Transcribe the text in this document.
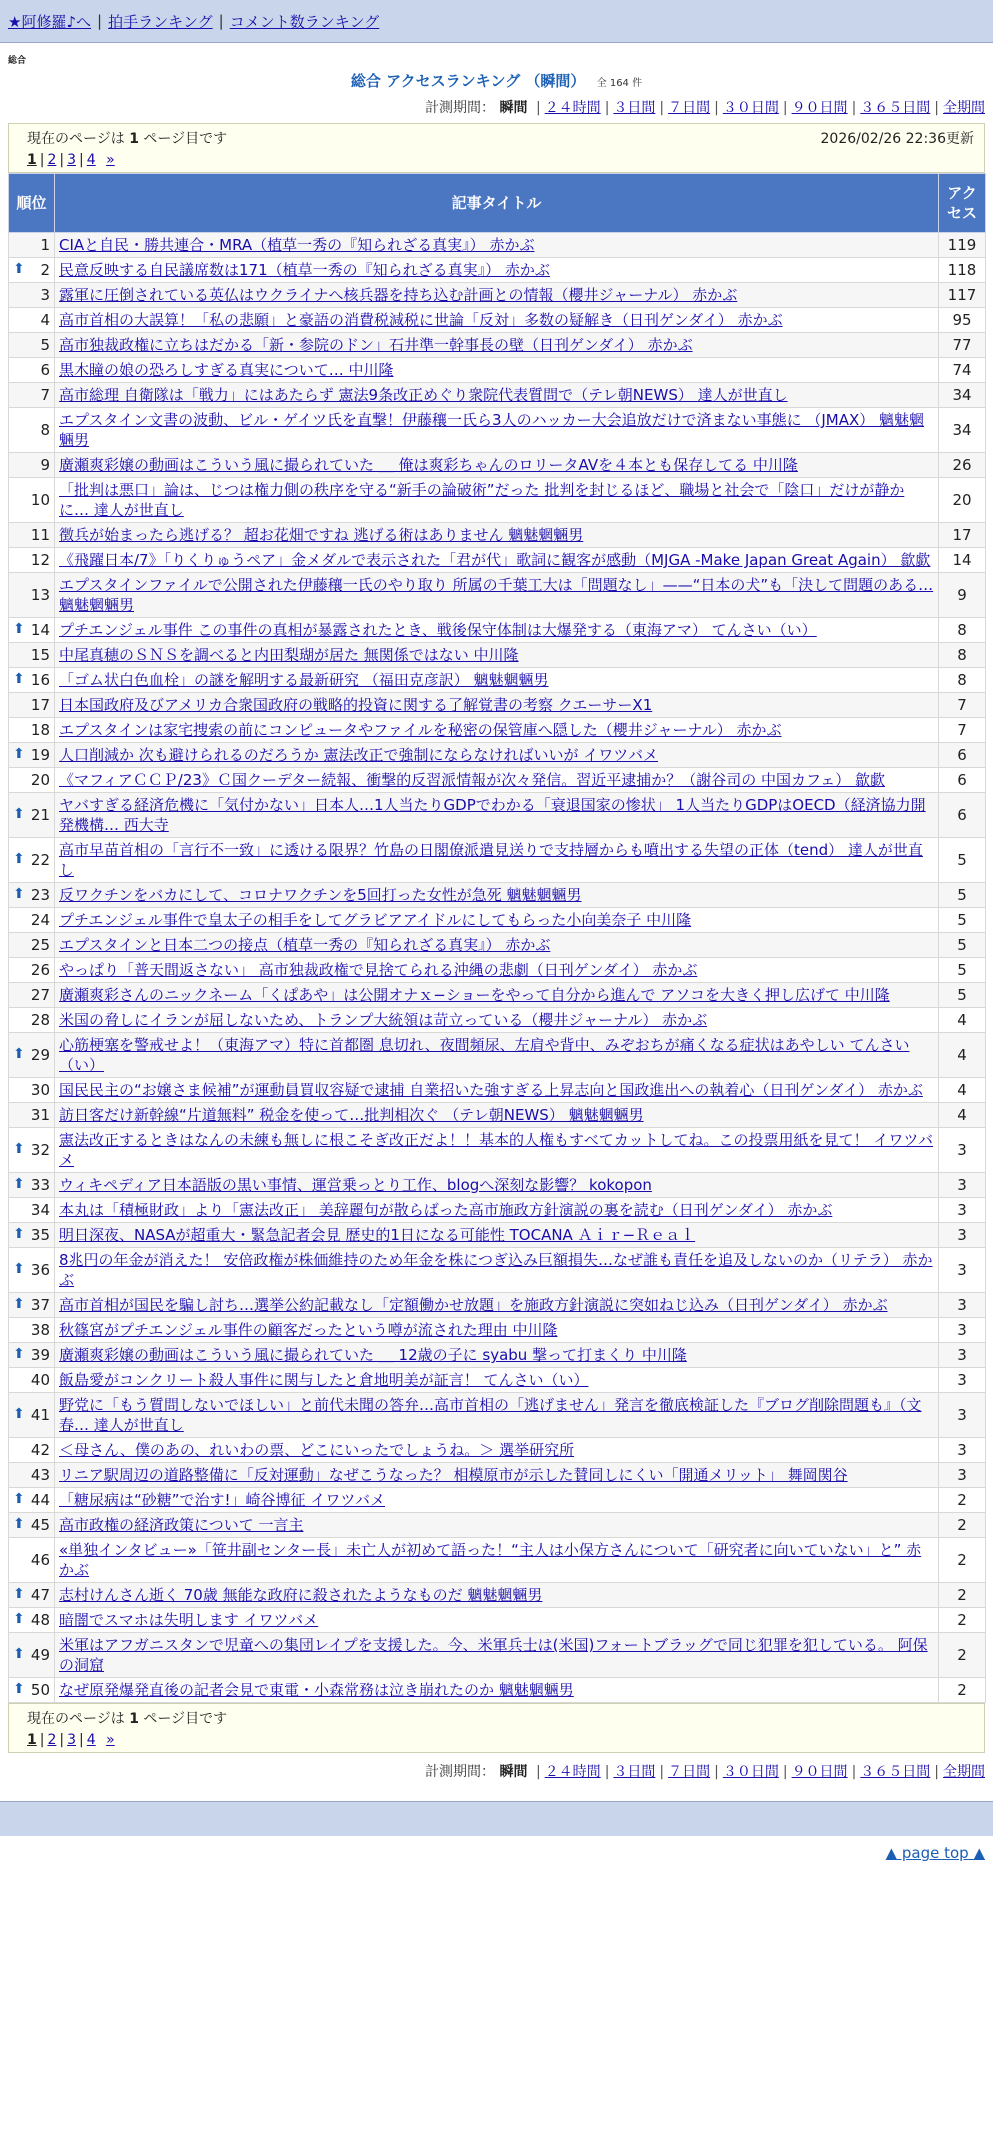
★阿修羅♪へ | 拍手ランキング | コメント数ランキング
総合
総合 アクセスランキング （瞬間） 全 164 件
計測期間： 瞬間 | ２４時間 | ３日間 | ７日間 | ３０日間 | ９０日間 | ３６５日間 | 全期間
現在のページは 1 ページ目です	2026/02/26 22:36更新
1 | 2 | 3 | 4 »
順位	記事タイトル	アクセス
1	CIAと自民・勝共連合・MRA（植草一秀の『知られざる真実』） 赤かぶ	119

⬆ 2	民意反映する自民議席数は171（植草一秀の『知られざる真実』） 赤かぶ	118
3	露軍に圧倒されている英仏はウクライナへ核兵器を持ち込む計画との情報（櫻井ジャーナル） 赤かぶ	117
4	高市首相の大誤算！「私の悲願」と豪語の消費税減税に世論「反対」多数の疑解き（日刊ゲンダイ） 赤かぶ	95
5	高市独裁政権に立ちはだかる「新・参院のドン」石井準一幹事長の壁（日刊ゲンダイ） 赤かぶ	77
6	黒木瞳の娘の恐ろしすぎる真実について… 中川隆	74
7	高市総理 自衛隊は「戦力」にはあたらず 憲法9条改正めぐり衆院代表質問で（テレ朝NEWS） 達人が世直し	34
8	エプスタイン文書の波動、ビル・ゲイツ氏を直撃！伊藤穰一氏ら3人のハッカー大会追放だけで済まない事態に （JMAX） 魑魅魍魎男	34
9	廣瀬爽彩嬢の動画はこういう風に撮られていた ＿ 俺は爽彩ちゃんのロリータAVを４本とも保存してる 中川隆	26
10	「批判は悪口」論は、じつは権力側の秩序を守る“新手の論破術”だった 批判を封じるほど、職場と社会で「陰口」だけが静かに… 達人が世直し	20
11	徴兵が始まったら逃げる？ 超お花畑ですね 逃げる術はありません 魑魅魍魎男	17
12	《飛躍日本/7》「りくりゅうペア」金メダルで表示された「君が代」歌詞に観客が感動（MJGA -Make Japan Great Again） 歙歔	14
13	エプスタインファイルで公開された伊藤穰一氏のやり取り 所属の千葉工大は「問題なし」——“日本の犬”も「決して問題のある… 魑魅魍魎男	9

⬆ 14	プチエンジェル事件 この事件の真相が暴露されたとき、戦後保守体制は大爆発する（東海アマ） てんさい（い）	8
15	中尾真穂のＳＮＳを調べると内田梨瑚が居た 無関係ではない 中川隆	8

⬆ 16	「ゴム状白色血栓」の謎を解明する最新研究 （福田克彦訳） 魑魅魍魎男	8
17	日本国政府及びアメリカ合衆国政府の戦略的投資に関する了解覚書の考察 クエーサーX1	7
18	エプスタインは家宅捜索の前にコンピュータやファイルを秘密の保管庫へ隠した（櫻井ジャーナル） 赤かぶ	7

⬆ 19	人口削減か 次も避けられるのだろうか 憲法改正で強制にならなければいいが イワツバメ	6
20	《マフィアＣＣＰ/23》Ｃ国クーデター続報、衝撃的反習派情報が次々発信。習近平逮捕か？（謝谷司の 中国カフェ） 歙歔	6

⬆ 21	ヤバすぎる経済危機に「気付かない」日本人…1人当たりGDPでわかる「衰退国家の惨状」 1人当たりGDPはOECD（経済協力開発機構… 西大寺	6

⬆ 22	高市早苗首相の「言行不一致」に透ける限界？竹島の日閣僚派遣見送りで支持層からも噴出する失望の正体（tend） 達人が世直し	5

⬆ 23	反ワクチンをバカにして、コロナワクチンを5回打った女性が急死 魑魅魍魎男	5
24	プチエンジェル事件で皇太子の相手をしてグラビアアイドルにしてもらった小向美奈子 中川隆	5
25	エプスタインと日本二つの接点（植草一秀の『知られざる真実』） 赤かぶ	5
26	やっぱり「普天間返さない」 高市独裁政権で見捨てられる沖縄の悲劇（日刊ゲンダイ） 赤かぶ	5
27	廣瀬爽彩さんのニックネーム「くぱあや」は公開オナｘ−ショーをやって自分から進んで アソコを大きく押し広げて 中川隆	5
28	米国の脅しにイランが屈しないため、トランプ大統領は苛立っている（櫻井ジャーナル） 赤かぶ	4

⬆ 29	心筋梗塞を警戒せよ！（東海アマ）特に首都圏 息切れ、夜間頻尿、左肩や背中、みぞおちが痛くなる症状はあやしい てんさい（い）	4
30	国民民主の“お嬢さま候補”が運動員買収容疑で逮捕 自業招いた強すぎる上昇志向と国政進出への執着心（日刊ゲンダイ） 赤かぶ	4
31	訪日客だけ新幹線“片道無料” 税金を使って…批判相次ぐ （テレ朝NEWS） 魑魅魍魎男	4

⬆ 32	憲法改正するときはなんの未練も無しに根こそぎ改正だよ！！基本的人権もすべてカットしてね。この投票用紙を見て！ イワツバメ	3

⬆ 33	ウィキペディア日本語版の黒い事情、運営乗っとり工作、blogへ深刻な影響？ kokopon	3
34	本丸は「積極財政」より「憲法改正」 美辞麗句が散らばった高市施政方針演説の裏を読む（日刊ゲンダイ） 赤かぶ	3

⬆ 35	明日深夜、NASAが超重大・緊急記者会見 歴史的1日になる可能性 TOCANA Ａｉｒ−Ｒｅａｌ	3

⬆ 36	8兆円の年金が消えた！ 安倍政権が株価維持のため年金を株につぎ込み巨額損失…なぜ誰も責任を追及しないのか（リテラ） 赤かぶ	3

⬆ 37	高市首相が国民を騙し討ち…選挙公約記載なし「定額働かせ放題」を施政方針演説に突如ねじ込み（日刊ゲンダイ） 赤かぶ	3
38	秋篠宮がプチエンジェル事件の顧客だったという噂が流された理由 中川隆	3

⬆ 39	廣瀬爽彩嬢の動画はこういう風に撮られていた ＿ 12歳の子に syabu 撃って打まくり 中川隆	3
40	飯島愛がコンクリート殺人事件に関与したと倉地明美が証言！ てんさい（い）	3

⬆ 41	野党に「もう質問しないでほしい」と前代未聞の答弁…高市首相の「逃げません」発言を徹底検証した『ブログ削除問題も』（文春… 達人が世直し	3
42	＜母さん、僕のあの、れいわの票、どこにいったでしょうね。＞ 選挙研究所	3
43	リニア駅周辺の道路整備に「反対運動」なぜこうなった？ 相模原市が示した賛同しにくい「開通メリット」 舞岡関谷	3

⬆ 44	「糖尿病は“砂糖”で治す!」崎谷博征 イワツバメ	2

⬆ 45	高市政権の経済政策について 一言主	2
46	«単独インタビュー»「笹井副センター長」未亡人が初めて語った！“主人は小保方さんについて「研究者に向いていない」と” 赤かぶ	2

⬆ 47	志村けんさん逝く 70歳 無能な政府に殺されたようなものだ 魑魅魍魎男	2

⬆ 48	暗闇でスマホは失明します イワツバメ	2

⬆ 49	米軍はアフガニスタンで児童への集団レイプを支援した。今、米軍兵士は(米国)フォートブラッグで同じ犯罪を犯している。 阿保の洞窟	2

⬆ 50	なぜ原発爆発直後の記者会見で東電・小森常務は泣き崩れたのか 魑魅魍魎男	2
現在のページは 1 ページ目です
1 | 2 | 3 | 4 »
計測期間： 瞬間 | ２４時間 | ３日間 | ７日間 | ３０日間 | ９０日間 | ３６５日間 | 全期間
▲ page top ▲
